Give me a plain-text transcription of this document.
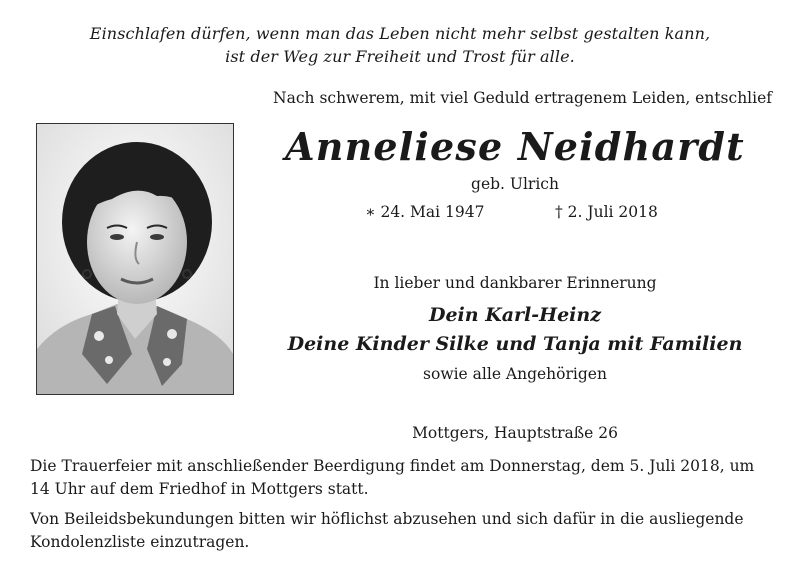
Einschlafen dürfen, wenn man das Leben nicht mehr selbst gestalten kann,
ist der Weg zur Freiheit und Trost für alle.
Nach schwerem, mit viel Geduld ertragenem Leiden, entschlief
Anneliese Neidhardt
geb. Ulrich
∗ 24. Mai 1947	† 2. Juli 2018
In lieber und dankbarer Erinnerung
Dein Karl-Heinz
Deine Kinder Silke und Tanja mit Familien
sowie alle Angehörigen
Mottgers, Hauptstraße 26
Die Trauerfeier mit anschließender Beerdigung findet am Donnerstag, dem 5. Juli 2018, um
14 Uhr auf dem Friedhof in Mottgers statt.
Von Beileidsbekundungen bitten wir höflichst abzusehen und sich dafür in die ausliegende
Kondolenzliste einzutragen.
